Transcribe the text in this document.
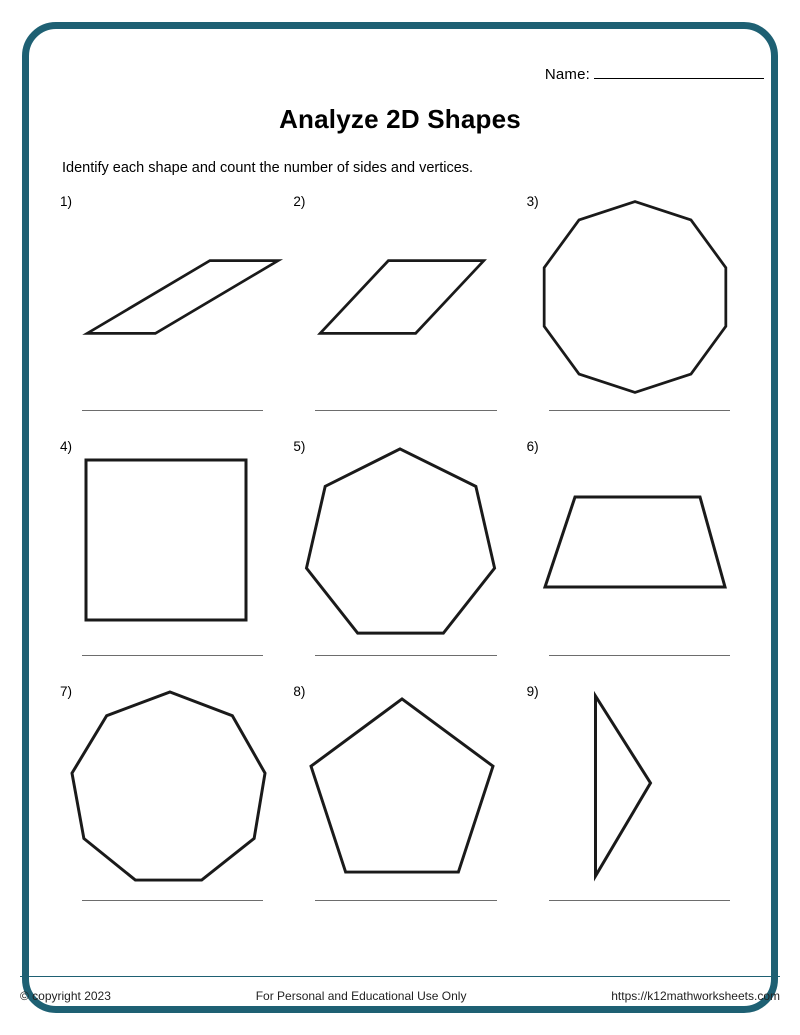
Name:
Analyze 2D Shapes
Identify each shape and count the number of sides and vertices.
1)	2)	3)
4)	5)	6)
7)	8)	9)
© copyright 2023	For Personal and Educational Use Only	https://k12mathworksheets.com
